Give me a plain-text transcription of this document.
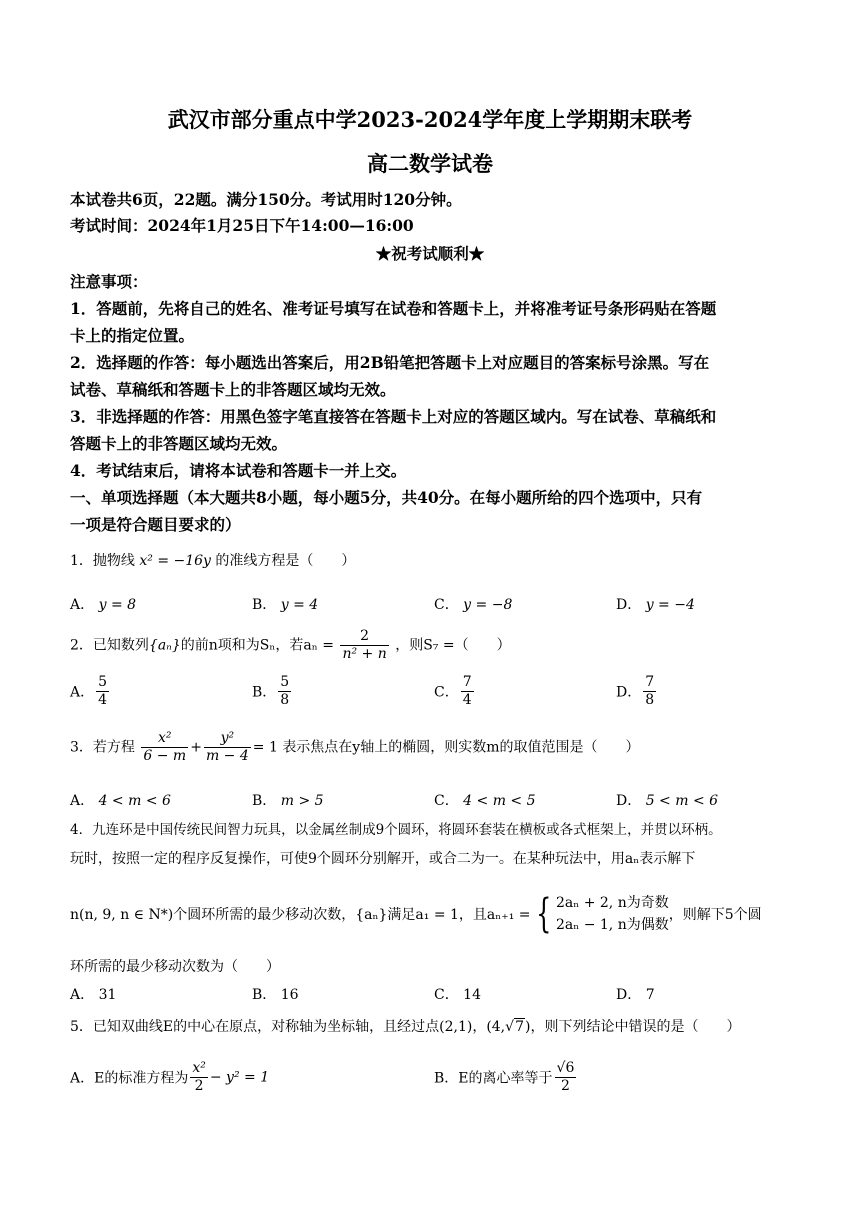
武汉市部分重点中学2023-2024学年度上学期期末联考
高二数学试卷
本试卷共6页，22题。满分150分。考试用时120分钟。
考试时间：2024年1月25日下午14:00—16:00
★祝考试顺利★
注意事项：
1．答题前，先将自己的姓名、准考证号填写在试卷和答题卡上，并将准考证号条形码贴在答题
卡上的指定位置。
2．选择题的作答：每小题选出答案后，用2B铅笔把答题卡上对应题目的答案标号涂黑。写在
试卷、草稿纸和答题卡上的非答题区域均无效。
3．非选择题的作答：用黑色签字笔直接答在答题卡上对应的答题区域内。写在试卷、草稿纸和
答题卡上的非答题区域均无效。
4．考试结束后，请将本试卷和答题卡一并上交。
一、单项选择题（本大题共8小题，每小题5分，共40分。在每小题所给的四个选项中，只有
一项是符合题目要求的）
1．抛物线 x² = −16y 的准线方程是（　　）
A． y = 8	B． y = 4	C． y = −8	D． y = −4
2．已知数列{aₙ}的前n项和为Sₙ，若$a_n = \frac{2}{\text{n² + n}}$ ，则S₇ =（　　）
A． $\frac{5}{4}$	B． $\frac{5}{8}$	C． $\frac{7}{4}$	D． $\frac{7}{8}$
3．若方程 $\frac{\text{x²}}{6 - m} + \frac{\text{y²}}{m - 4} = 1$ 表示焦点在y轴上的椭圆，则实数m的取值范围是（　　）
A． 4 < m < 6	B． m > 5	C． 4 < m < 5	D． 5 < m < 6
4．九连环是中国传统民间智力玩具，以金属丝制成9个圆环，将圆环套装在横板或各式框架上，并贯以环柄。
玩时，按照一定的程序反复操作，可使9个圆环分别解开，或合二为一。在某种玩法中，用aₙ表示解下
n(n, 9, n ∈ N*)个圆环所需的最少移动次数，{aₙ}满足a₁ = 1，且aₙ₊₁ = { 2aₙ + 2, n为奇数
2aₙ − 1, n为偶数
，则解下5个圆
环所需的最少移动次数为（　　）
A． 31	B． 16	C． 14	D． 7
5．已知双曲线E的中心在原点，对称轴为坐标轴，且经过点(2,1)，(4,√7)，则下列结论中错误的是（　　）
A．E的标准方程为 $\frac{\text{x²}}{2} - y^2 = 1$	B．E的离心率等于 $\frac{√6}{2}$
